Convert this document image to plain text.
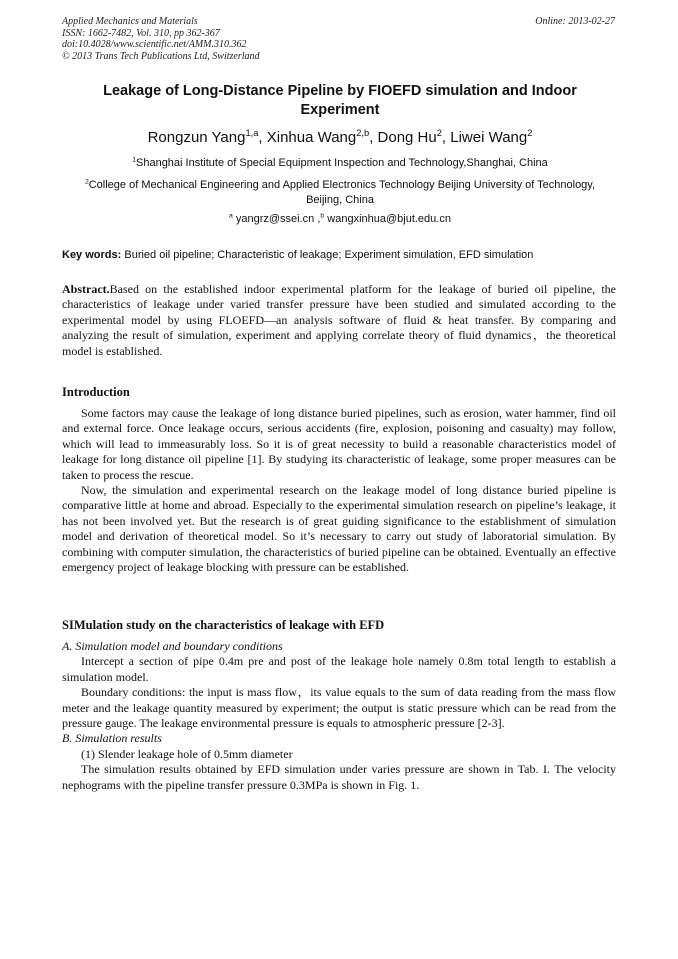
Applied Mechanics and Materials
ISSN: 1662-7482, Vol. 310, pp 362-367
doi:10.4028/www.scientific.net/AMM.310.362
© 2013 Trans Tech Publications Ltd, Switzerland
Online: 2013-02-27
Leakage of Long-Distance Pipeline by FIOEFD simulation and Indoor Experiment
Rongzun Yang$^{1,a}$, Xinhua Wang$^{2,b}$, Dong Hu$^2$, Liwei Wang$^2$
$^1$Shanghai Institute of Special Equipment Inspection and Technology,Shanghai, China
$^2$College of Mechanical Engineering and Applied Electronics Technology Beijing University of Technology, Beijing, China
$^a$ yangrz@ssei.cn ,$^b$ wangxinhua@bjut.edu.cn
Key words: Buried oil pipeline; Characteristic of leakage; Experiment simulation, EFD simulation

Abstract.Based on the established indoor experimental platform for the leakage of buried oil pipeline, the characteristics of leakage under varied transfer pressure have been studied and simulated according to the experimental model by using FLOEFD—an analysis software of fluid & heat transfer. By comparing and analyzing the result of simulation, experiment and applying correlate theory of fluid dynamics，the theoretical model is established.

Introduction

Some factors may cause the leakage of long distance buried pipelines, such as erosion, water hammer, find oil and external force. Once leakage occurs, serious accidents (fire, explosion, poisoning and casualty) may follow, which will lead to immeasurably loss. So it is of great necessity to build a reasonable characteristics model of leakage for long distance oil pipeline [1]. By studying its characteristic of leakage, some proper measures can be taken to process the rescue.

Now, the simulation and experimental research on the leakage model of long distance buried pipeline is comparative little at home and abroad. Especially to the experimental simulation research on pipeline’s leakage, it has not been involved yet. But the research is of great guiding significance to the establishment of simulation model and derivation of theoretical model. So it’s necessary to carry out study of laboratorial simulation. By combining with computer simulation, the characteristics of buried pipeline can be obtained. Eventually an effective emergency project of leakage blocking with pressure can be established.

SIMulation study on the characteristics of leakage with EFD

A. Simulation model and boundary conditions

Intercept a section of pipe 0.4m pre and post of the leakage hole namely 0.8m total length to establish a simulation model.

Boundary conditions: the input is mass flow，its value equals to the sum of data reading from the mass flow meter and the leakage quantity measured by experiment; the output is static pressure which can be read from the pressure gauge. The leakage environmental pressure is equals to atmospheric pressure [2-3].

B. Simulation results

(1) Slender leakage hole of 0.5mm diameter

The simulation results obtained by EFD simulation under varies pressure are shown in Tab. I. The velocity nephograms with the pipeline transfer pressure 0.3MPa is shown in Fig. 1.
